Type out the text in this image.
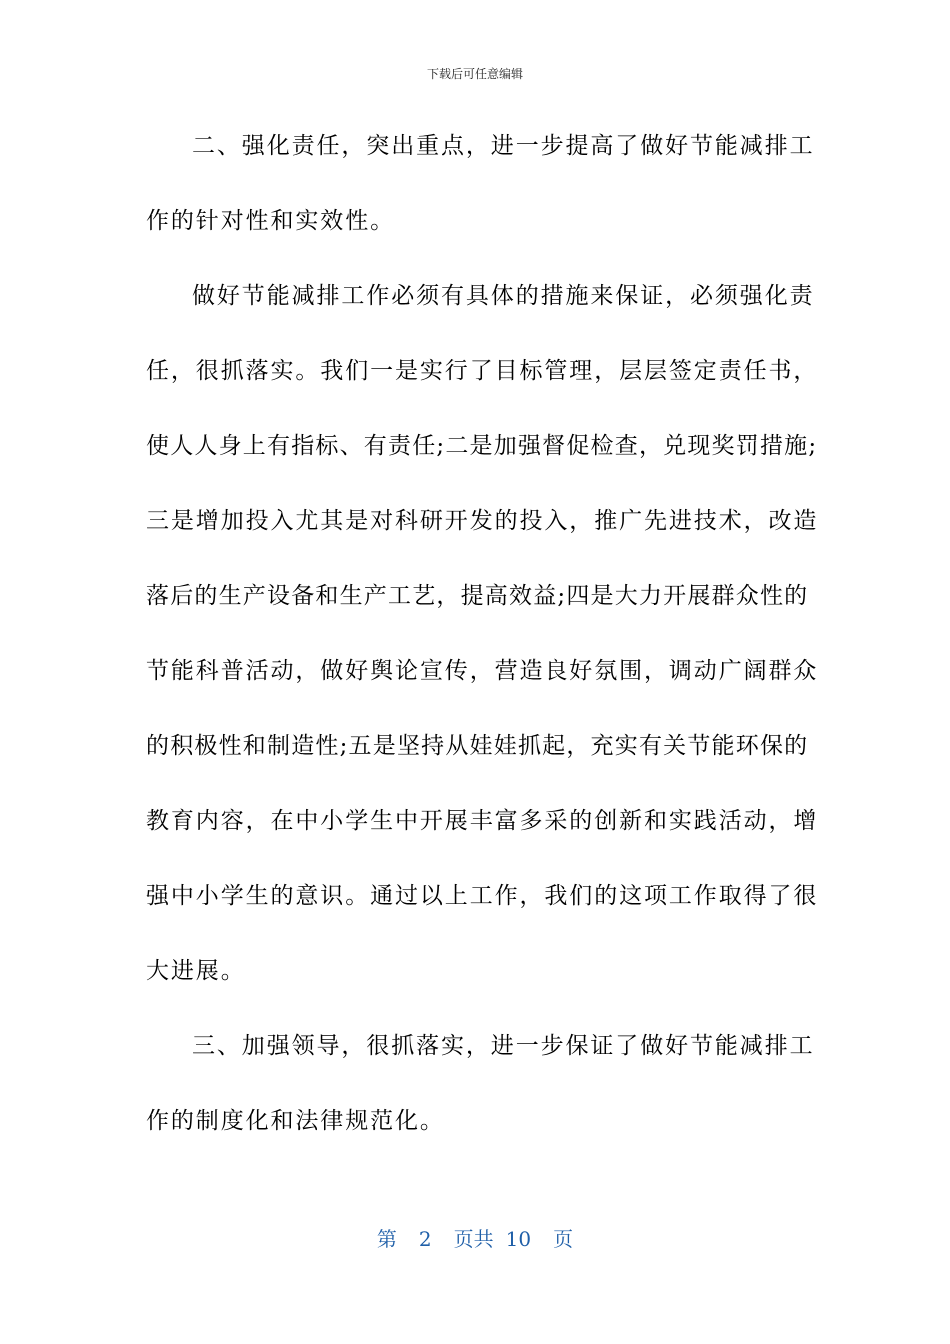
下载后可任意编辑
二、强化责任，突出重点，进一步提高了做好节能减排工
作的针对性和实效性。
做好节能减排工作必须有具体的措施来保证，必须强化责
任，很抓落实。我们一是实行了目标管理，层层签定责任书，
使人人身上有指标、有责任;二是加强督促检查，兑现奖罚措施;
三是增加投入尤其是对科研开发的投入，推广先进技术，改造
落后的生产设备和生产工艺，提高效益;四是大力开展群众性的
节能科普活动，做好舆论宣传，营造良好氛围，调动广阔群众
的积极性和制造性;五是坚持从娃娃抓起，充实有关节能环保的
教育内容，在中小学生中开展丰富多采的创新和实践活动，增
强中小学生的意识。通过以上工作，我们的这项工作取得了很
大进展。
三、加强领导，很抓落实，进一步保证了做好节能减排工
作的制度化和法律规范化。
第 2 页共 10 页
